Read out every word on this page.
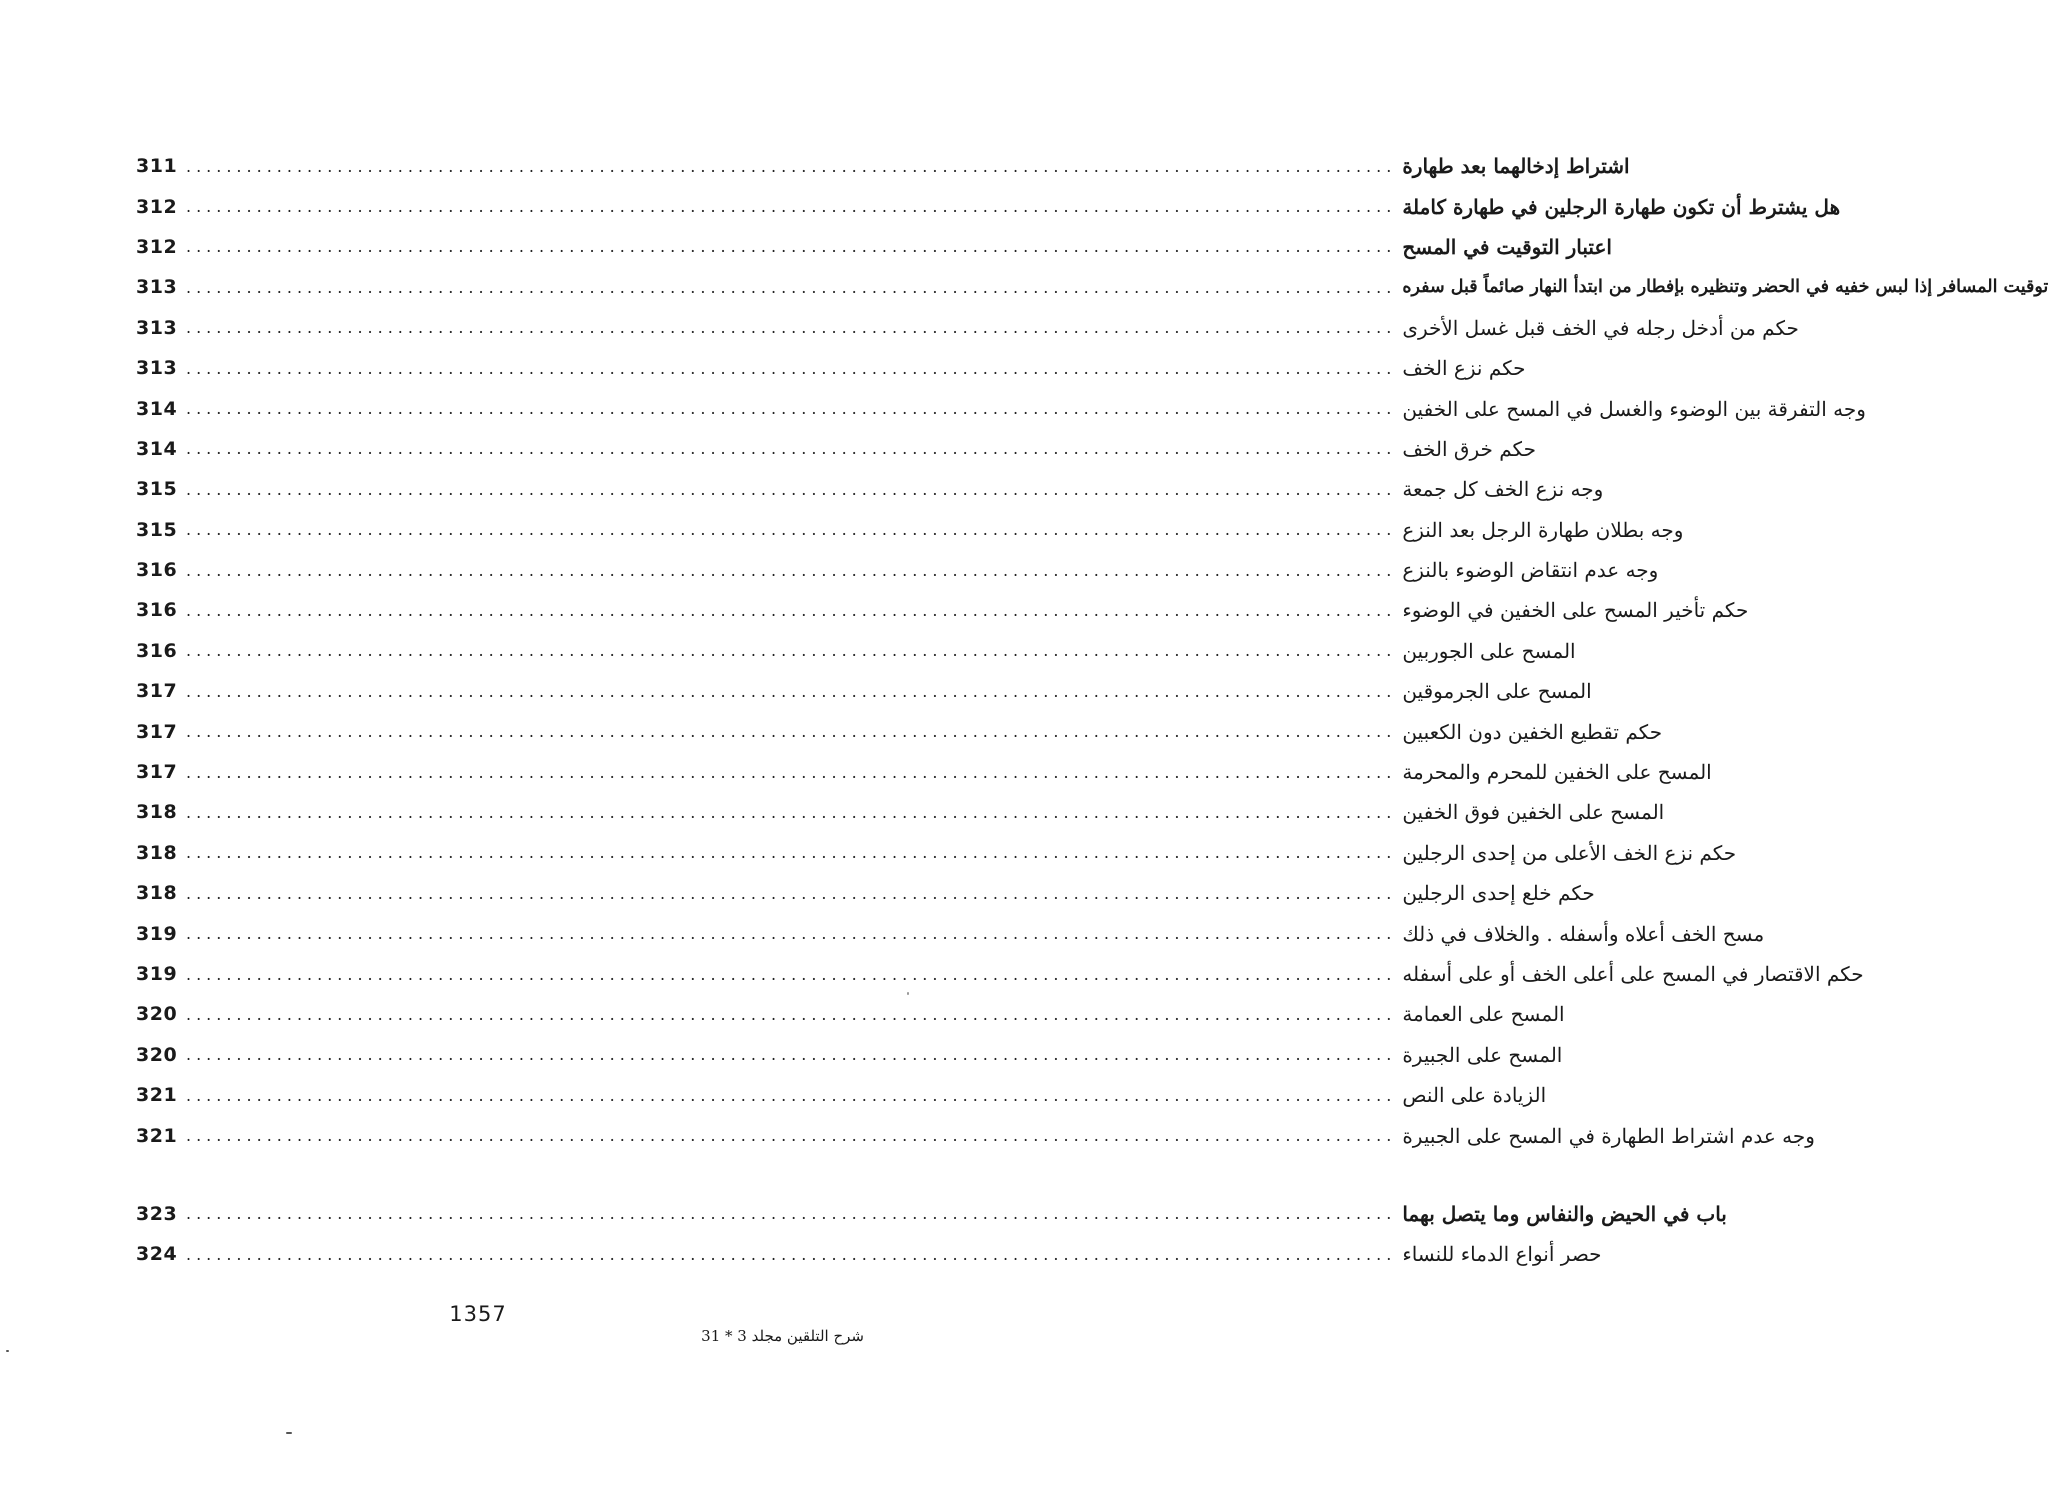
311 ........................................................................................................................ اشتراط إدخالهما بعد طهارة
312 ........................................................................................................................ هل يشترط أن تكون طهارة الرجلين في طهارة كاملة
312 ........................................................................................................................ اعتبار التوقيت في المسح
313 ........................................................................................................................ توقيت المسافر إذا لبس خفيه في الحضر وتنظيره بإفطار من ابتدأ النهار صائماً قبل سفره
313 ........................................................................................................................ حكم من أدخل رجله في الخف قبل غسل الأخرى
313 ........................................................................................................................ حكم نزع الخف
314 ........................................................................................................................ وجه التفرقة بين الوضوء والغسل في المسح على الخفين
314 ........................................................................................................................ حكم خرق الخف
315 ........................................................................................................................ وجه نزع الخف كل جمعة
315 ........................................................................................................................ وجه بطلان طهارة الرجل بعد النزع
316 ........................................................................................................................ وجه عدم انتقاض الوضوء بالنزع
316 ........................................................................................................................ حكم تأخير المسح على الخفين في الوضوء
316 ........................................................................................................................ المسح على الجوربين
317 ........................................................................................................................ المسح على الجرموقين
317 ........................................................................................................................ حكم تقطيع الخفين دون الكعبين
317 ........................................................................................................................ المسح على الخفين للمحرم والمحرمة
318 ........................................................................................................................ المسح على الخفين فوق الخفين
318 ........................................................................................................................ حكم نزع الخف الأعلى من إحدى الرجلين
318 ........................................................................................................................ حكم خلع إحدى الرجلين
319 ........................................................................................................................ مسح الخف أعلاه وأسفله . والخلاف في ذلك
319 ........................................................................................................................ حكم الاقتصار في المسح على أعلى الخف أو على أسفله
320 ........................................................................................................................ المسح على العمامة
320 ........................................................................................................................ المسح على الجبيرة
321 ........................................................................................................................ الزيادة على النص
321 ........................................................................................................................ وجه عدم اشتراط الطهارة في المسح على الجبيرة
323 ........................................................................................................................ باب في الحيض والنفاس وما يتصل بهما
324 ........................................................................................................................ حصر أنواع الدماء للنساء
1357
شرح التلقين مجلد 3 * 31
